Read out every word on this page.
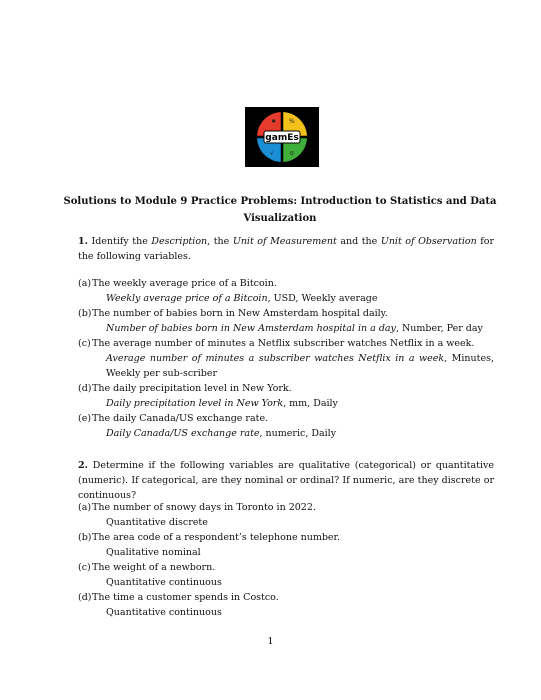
♠ %
√	σ
gamEs
Solutions to Module 9 Practice Problems: Introduction to Statistics and Data
Visualization

1. Identify the Description, the Unit of Measurement and the Unit of Observation for the following variables.

(a) The weekly average price of a Bitcoin.
Weekly average price of a Bitcoin, USD, Weekly average
(b) The number of babies born in New Amsterdam hospital daily.
Number of babies born in New Amsterdam hospital in a day, Number, Per day
(c) The average number of minutes a Netflix subscriber watches Netflix in a week.
Average number of minutes a subscriber watches Netflix in a week, Minutes, Weekly per sub-scriber
(d) The daily precipitation level in New York.
Daily precipitation level in New York, mm, Daily
(e) The daily Canada/US exchange rate.
Daily Canada/US exchange rate, numeric, Daily

2. Determine if the following variables are qualitative (categorical) or quantitative (numeric). If categorical, are they nominal or ordinal? If numeric, are they discrete or continuous?

(a) The number of snowy days in Toronto in 2022.
Quantitative discrete
(b) The area code of a respondent’s telephone number.
Qualitative nominal
(c) The weight of a newborn.
Quantitative continuous
(d) The time a customer spends in Costco.
Quantitative continuous
1
